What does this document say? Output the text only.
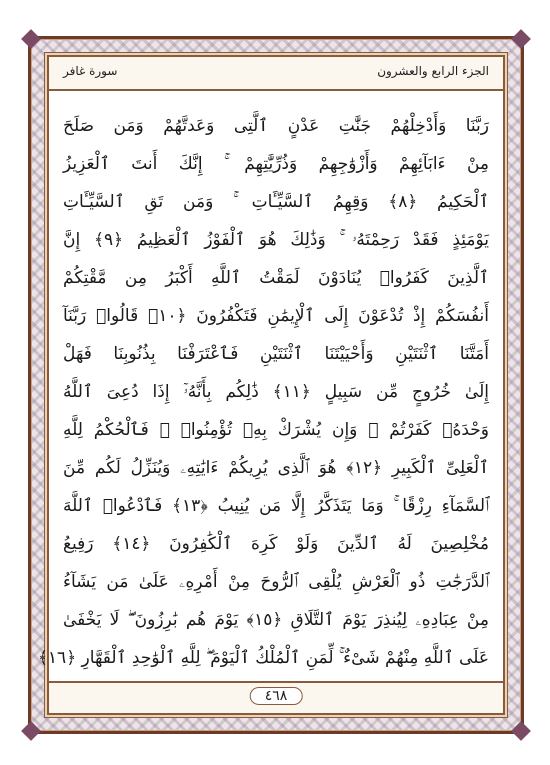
الجزء الرابع والعشرون
سورة غافر
رَبَّنَا وَأَدْخِلْهُمْ جَنَّٰتِ عَدْنٍ ٱلَّتِى وَعَدتَّهُمْ وَمَن صَلَحَ
مِنْ ءَابَآئِهِمْ وَأَزْوَٰجِهِمْ وَذُرِّيَّٰتِهِمْ ۚ إِنَّكَ أَنتَ ٱلْعَزِيزُ
ٱلْحَكِيمُ ﴿٨﴾ وَقِهِمُ ٱلسَّيِّـَٔاتِ ۚ وَمَن تَقِ ٱلسَّيِّـَٔاتِ
يَوْمَئِذٍ فَقَدْ رَحِمْتَهُۥ ۚ وَذَٰلِكَ هُوَ ٱلْفَوْزُ ٱلْعَظِيمُ ﴿٩﴾ إِنَّ
ٱلَّذِينَ كَفَرُوا۟ يُنَادَوْنَ لَمَقْتُ ٱللَّهِ أَكْبَرُ مِن مَّقْتِكُمْ
أَنفُسَكُمْ إِذْ تُدْعَوْنَ إِلَى ٱلْإِيمَٰنِ فَتَكْفُرُونَ ﴿١٠﴾ قَالُوا۟ رَبَّنَآ
أَمَتَّنَا ٱثْنَتَيْنِ وَأَحْيَيْتَنَا ٱثْنَتَيْنِ فَٱعْتَرَفْنَا بِذُنُوبِنَا فَهَلْ
إِلَىٰ خُرُوجٍ مِّن سَبِيلٍ ﴿١١﴾ ذَٰلِكُم بِأَنَّهُۥٓ إِذَا دُعِىَ ٱللَّهُ
وَحْدَهُۥ كَفَرْتُمْ ۖ وَإِن يُشْرَكْ بِهِۦ تُؤْمِنُوا۟ ۚ فَٱلْحُكْمُ لِلَّهِ
ٱلْعَلِىِّ ٱلْكَبِيرِ ﴿١٢﴾ هُوَ ٱلَّذِى يُرِيكُمْ ءَايَٰتِهِۦ وَيُنَزِّلُ لَكُم مِّنَ
ٱلسَّمَآءِ رِزْقًا ۚ وَمَا يَتَذَكَّرُ إِلَّا مَن يُنِيبُ ﴿١٣﴾ فَٱدْعُوا۟ ٱللَّهَ
مُخْلِصِينَ لَهُ ٱلدِّينَ وَلَوْ كَرِهَ ٱلْكَٰفِرُونَ ﴿١٤﴾ رَفِيعُ
ٱلدَّرَجَٰتِ ذُو ٱلْعَرْشِ يُلْقِى ٱلرُّوحَ مِنْ أَمْرِهِۦ عَلَىٰ مَن يَشَآءُ
مِنْ عِبَادِهِۦ لِيُنذِرَ يَوْمَ ٱلتَّلَاقِ ﴿١٥﴾ يَوْمَ هُم بَٰرِزُونَ ۖ لَا يَخْفَىٰ
عَلَى ٱللَّهِ مِنْهُمْ شَىْءٌ ۚ لِّمَنِ ٱلْمُلْكُ ٱلْيَوْمَ ۖ لِلَّهِ ٱلْوَٰحِدِ ٱلْقَهَّارِ ﴿١٦﴾
٤٦٨
